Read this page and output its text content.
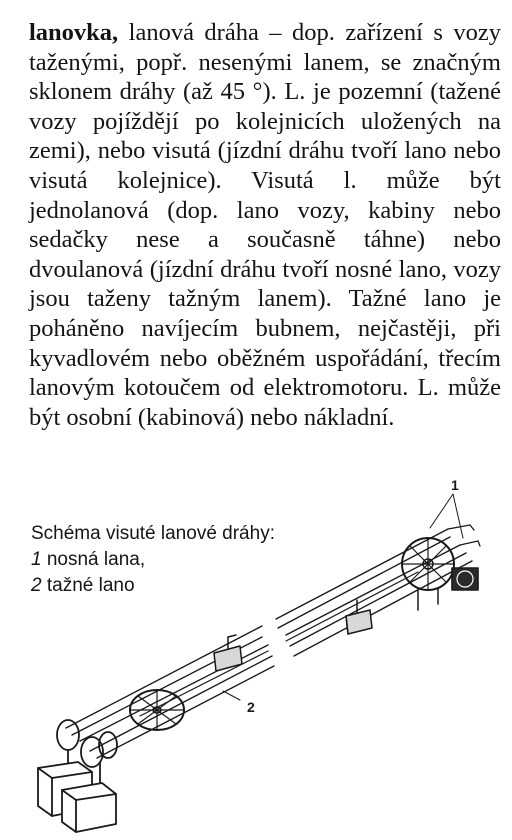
lanovka, lanová dráha – dop. zařízení s vozy taženými, popř. nesenými lanem, se značným sklonem dráhy (až 45 °). L. je pozemní (tažené vozy pojíždějí po kolejnicích uložených na zemi), nebo visutá (jízdní dráhu tvoří lano nebo visutá kolejnice). Visutá l. může být jednolanová (dop. lano vozy, kabiny nebo sedačky nese a současně táhne) nebo dvoulanová (jízdní dráhu tvoří nosné lano, vozy jsou taženy tažným lanem). Tažné lano je poháněno navíjecím bubnem, nejčastěji, při kyvadlovém nebo oběžném uspořádání, třecím lanovým kotoučem od elektromotoru. L. může být osobní (kabinová) nebo nákladní.

Schéma visuté lanové dráhy:
1 nosná lana,
2 tažné lano
1
2
